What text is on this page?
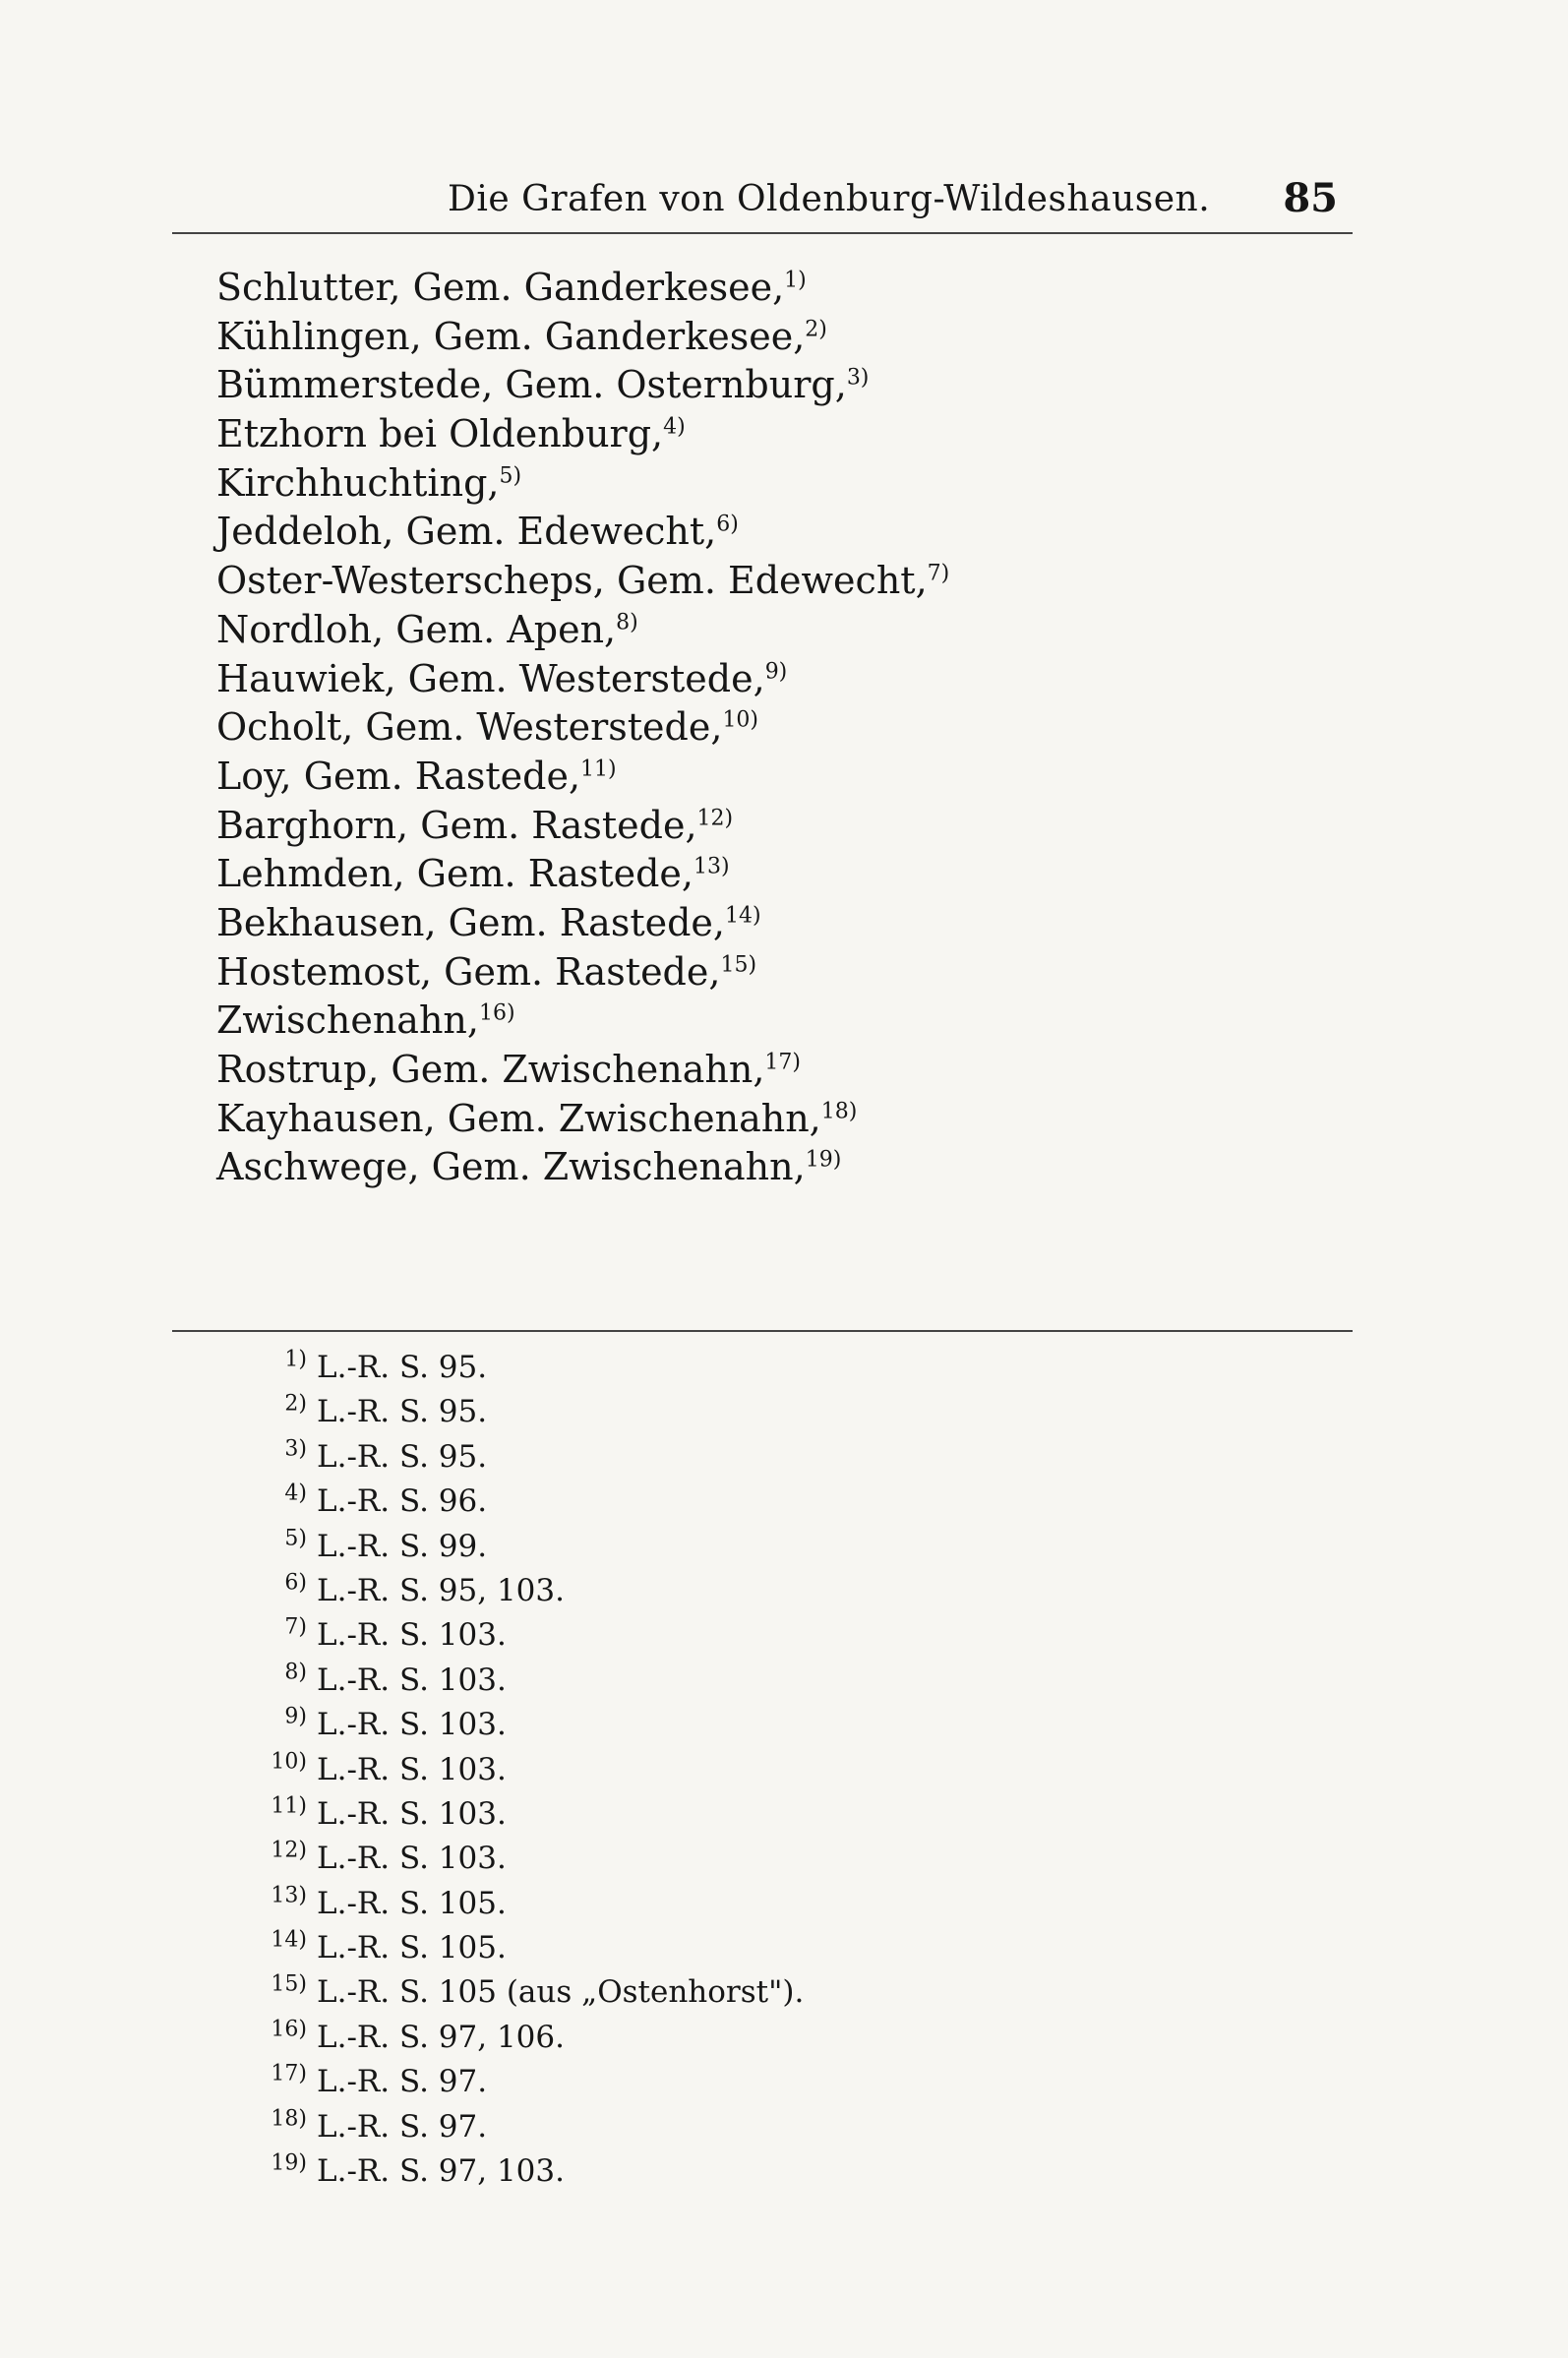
Die Grafen von Oldenburg-Wildeshausen. 85
Schlutter, Gem. Ganderkesee,$^{1)}$
Kühlingen, Gem. Ganderkesee,$^{2)}$
Bümmerstede, Gem. Osternburg,$^{3)}$
Etzhorn bei Oldenburg,$^{4)}$
Kirchhuchting,$^{5)}$
Jeddeloh, Gem. Edewecht,$^{6)}$
Oster-Westerscheps, Gem. Edewecht,$^{7)}$
Nordloh, Gem. Apen,$^{8)}$
Hauwiek, Gem. Westerstede,$^{9)}$
Ocholt, Gem. Westerstede,$^{10)}$
Loy, Gem. Rastede,$^{11)}$
Barghorn, Gem. Rastede,$^{12)}$
Lehmden, Gem. Rastede,$^{13)}$
Bekhausen, Gem. Rastede,$^{14)}$
Hostemost, Gem. Rastede,$^{15)}$
Zwischenahn,$^{16)}$
Rostrup, Gem. Zwischenahn,$^{17)}$
Kayhausen, Gem. Zwischenahn,$^{18)}$
Aschwege, Gem. Zwischenahn,$^{19)}$
$^{1)}$ L.-R. S. 95.
$^{2)}$ L.-R. S. 95.
$^{3)}$ L.-R. S. 95.
$^{4)}$ L.-R. S. 96.
$^{5)}$ L.-R. S. 99.
$^{6)}$ L.-R. S. 95, 103.
$^{7)}$ L.-R. S. 103.
$^{8)}$ L.-R. S. 103.
$^{9)}$ L.-R. S. 103.
$^{10)}$ L.-R. S. 103.
$^{11)}$ L.-R. S. 103.
$^{12)}$ L.-R. S. 103.
$^{13)}$ L.-R. S. 105.
$^{14)}$ L.-R. S. 105.
$^{15)}$ L.-R. S. 105 (aus „Ostenhorst").
$^{16)}$ L.-R. S. 97, 106.
$^{17)}$ L.-R. S. 97.
$^{18)}$ L.-R. S. 97.
$^{19)}$ L.-R. S. 97, 103.
